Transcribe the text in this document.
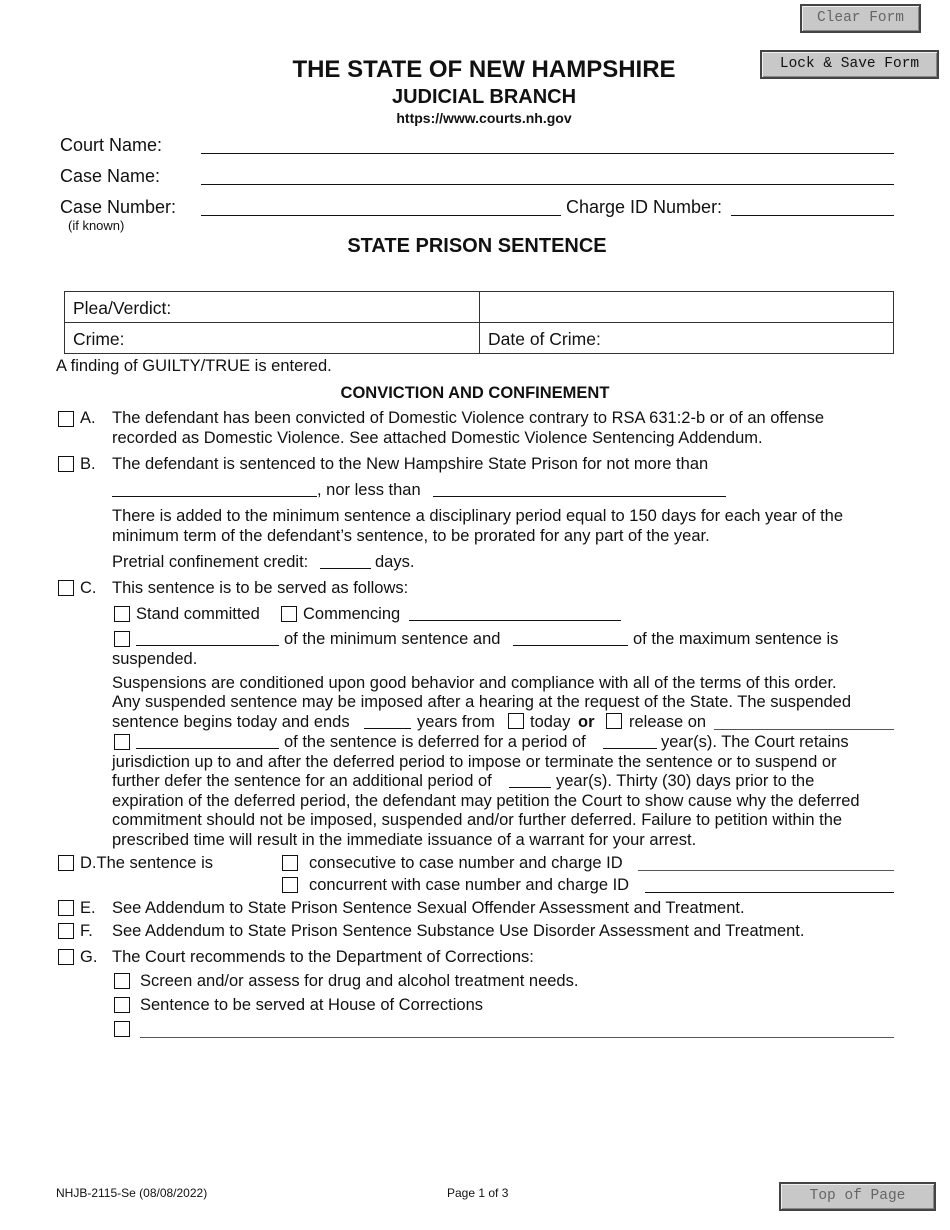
Clear Form
Lock & Save Form
THE STATE OF NEW HAMPSHIRE
JUDICIAL BRANCH
https://www.courts.nh.gov
Court Name:
Case Name:
Case Number:
(if known)
Charge ID Number:
STATE PRISON SENTENCE
Plea/Verdict:
Crime:	Date of Crime:
A finding of GUILTY/TRUE is entered.
CONVICTION AND CONFINEMENT
A. The defendant has been convicted of Domestic Violence contrary to RSA 631:2-b or of an offense
recorded as Domestic Violence. See attached Domestic Violence Sentencing Addendum.
B. The defendant is sentenced to the New Hampshire State Prison for not more than
, nor less than
There is added to the minimum sentence a disciplinary period equal to 150 days for each year of the
minimum term of the defendant’s sentence, to be prorated for any part of the year.
Pretrial confinement credit:	days.
C. This sentence is to be served as follows:
Stand committed	Commencing
of the minimum sentence and	of the maximum sentence is
suspended.
Suspensions are conditioned upon good behavior and compliance with all of the terms of this order.
Any suspended sentence may be imposed after a hearing at the request of the State. The suspended
sentence begins today and ends	years from today or release on
of the sentence is deferred for a period of	year(s). The Court retains
jurisdiction up to and after the deferred period to impose or terminate the sentence or to suspend or
further defer the sentence for an additional period of	year(s). Thirty (30) days prior to the
expiration of the deferred period, the defendant may petition the Court to show cause why the deferred
commitment should not be imposed, suspended and/or further deferred. Failure to petition within the
prescribed time will result in the immediate issuance of a warrant for your arrest.
D.The sentence is	consecutive to case number and charge ID
concurrent with case number and charge ID
E. See Addendum to State Prison Sentence Sexual Offender Assessment and Treatment.
F. See Addendum to State Prison Sentence Substance Use Disorder Assessment and Treatment.
G. The Court recommends to the Department of Corrections:
Screen and/or assess for drug and alcohol treatment needs.
Sentence to be served at House of Corrections
NHJB-2115-Se (08/08/2022)	Page 1 of 3	Top of Page
